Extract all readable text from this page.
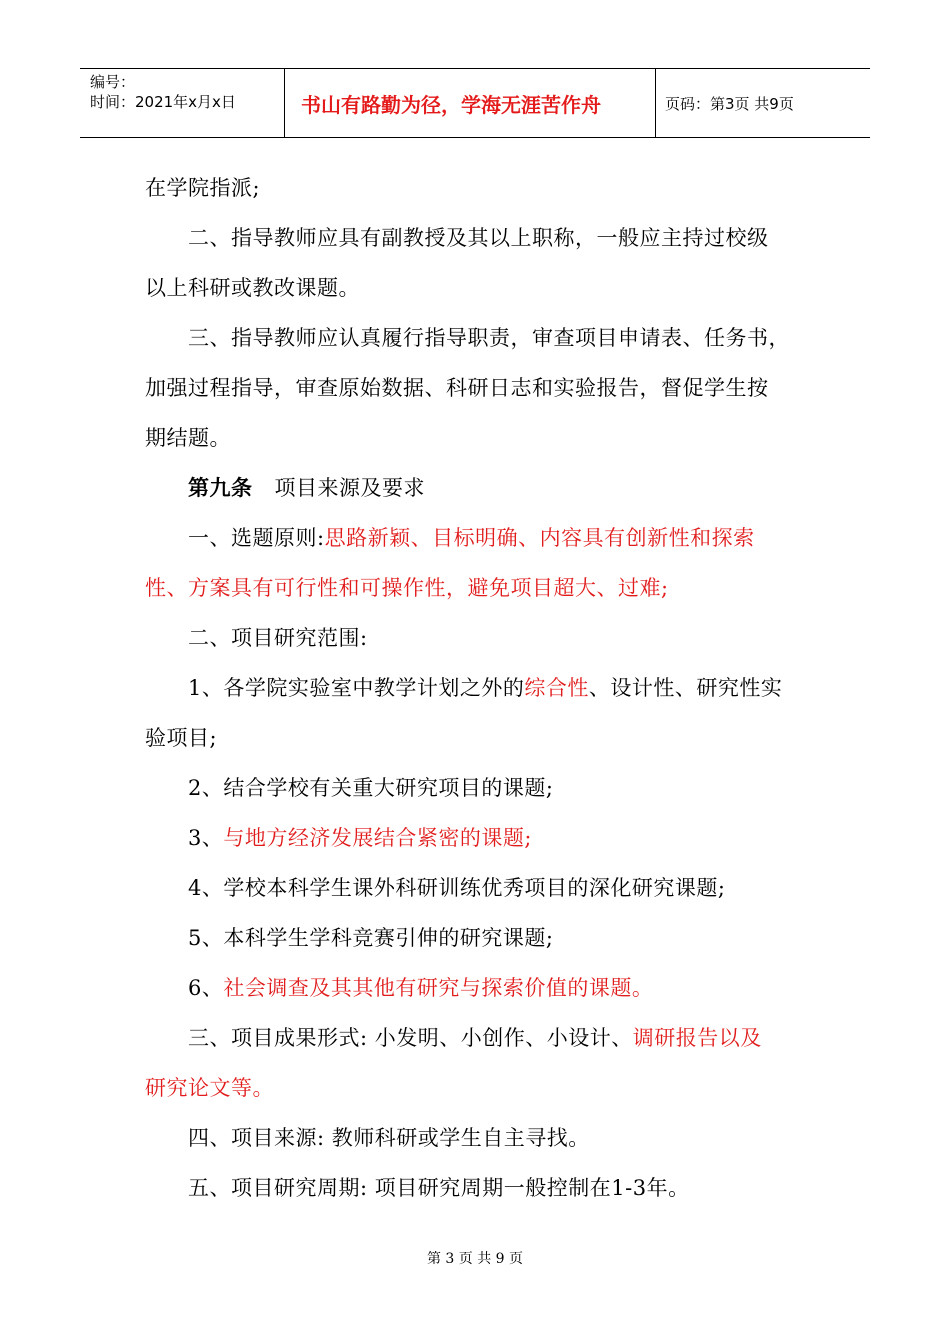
编号：
时间：2021年x月x日	书山有路勤为径，学海无涯苦作舟	页码：第3页 共9页
在学院指派;
二、指导教师应具有副教授及其以上职称，一般应主持过校级
以上科研或教改课题。
三、指导教师应认真履行指导职责，审查项目申请表、任务书，
加强过程指导，审查原始数据、科研日志和实验报告，督促学生按
期结题。
第九条 项目来源及要求
一、选题原则:思路新颖、目标明确、内容具有创新性和探索
性、方案具有可行性和可操作性，避免项目超大、过难;
二、项目研究范围:
1、各学院实验室中教学计划之外的综合性、设计性、研究性实
验项目;
2、结合学校有关重大研究项目的课题;
3、与地方经济发展结合紧密的课题;
4、学校本科学生课外科研训练优秀项目的深化研究课题;
5、本科学生学科竞赛引伸的研究课题;
6、社会调查及其其他有研究与探索价值的课题。
三、项目成果形式: 小发明、小创作、小设计、调研报告以及
研究论文等。
四、项目来源: 教师科研或学生自主寻找。
五、项目研究周期: 项目研究周期一般控制在1-3年。
第 3 页 共 9 页
